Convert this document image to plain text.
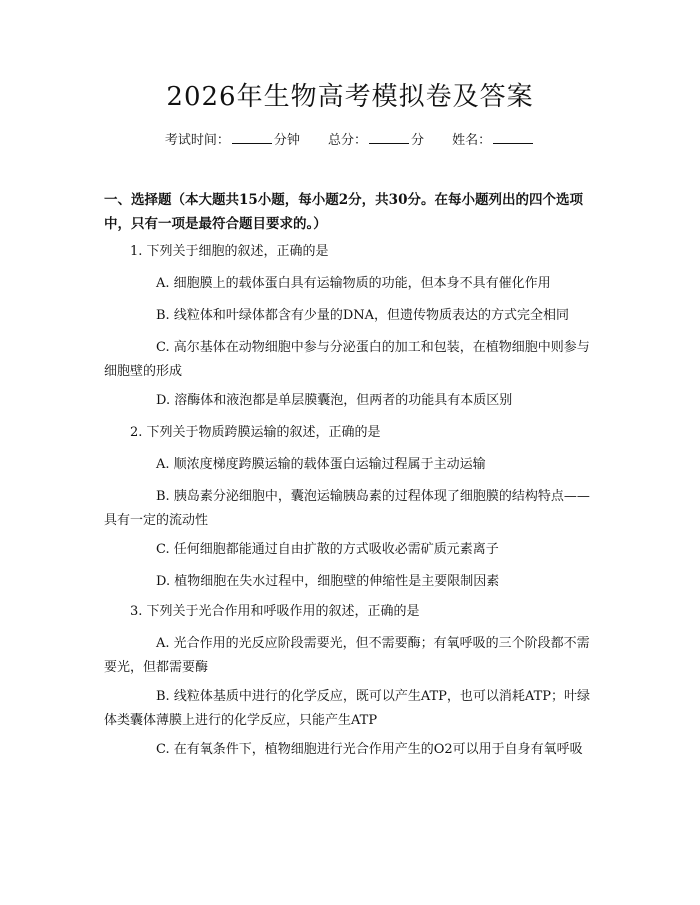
2026年生物高考模拟卷及答案
考试时间：	分钟 总分：	分 姓名：
一、选择题（本大题共15小题，每小题2分，共30分。在每小题列出的四个选项中，只有一项是最符合题目要求的。）
1. 下列关于细胞的叙述，正确的是
A. 细胞膜上的载体蛋白具有运输物质的功能，但本身不具有催化作用
B. 线粒体和叶绿体都含有少量的DNA，但遗传物质表达的方式完全相同
C. 高尔基体在动物细胞中参与分泌蛋白的加工和包装，在植物细胞中则参与细胞壁的形成
D. 溶酶体和液泡都是单层膜囊泡，但两者的功能具有本质区别
2. 下列关于物质跨膜运输的叙述，正确的是
A. 顺浓度梯度跨膜运输的载体蛋白运输过程属于主动运输
B. 胰岛素分泌细胞中，囊泡运输胰岛素的过程体现了细胞膜的结构特点——具有一定的流动性
C. 任何细胞都能通过自由扩散的方式吸收必需矿质元素离子
D. 植物细胞在失水过程中，细胞壁的伸缩性是主要限制因素
3. 下列关于光合作用和呼吸作用的叙述，正确的是
A. 光合作用的光反应阶段需要光，但不需要酶；有氧呼吸的三个阶段都不需要光，但都需要酶
B. 线粒体基质中进行的化学反应，既可以产生ATP，也可以消耗ATP；叶绿体类囊体薄膜上进行的化学反应，只能产生ATP
C. 在有氧条件下，植物细胞进行光合作用产生的O2可以用于自身有氧呼吸
